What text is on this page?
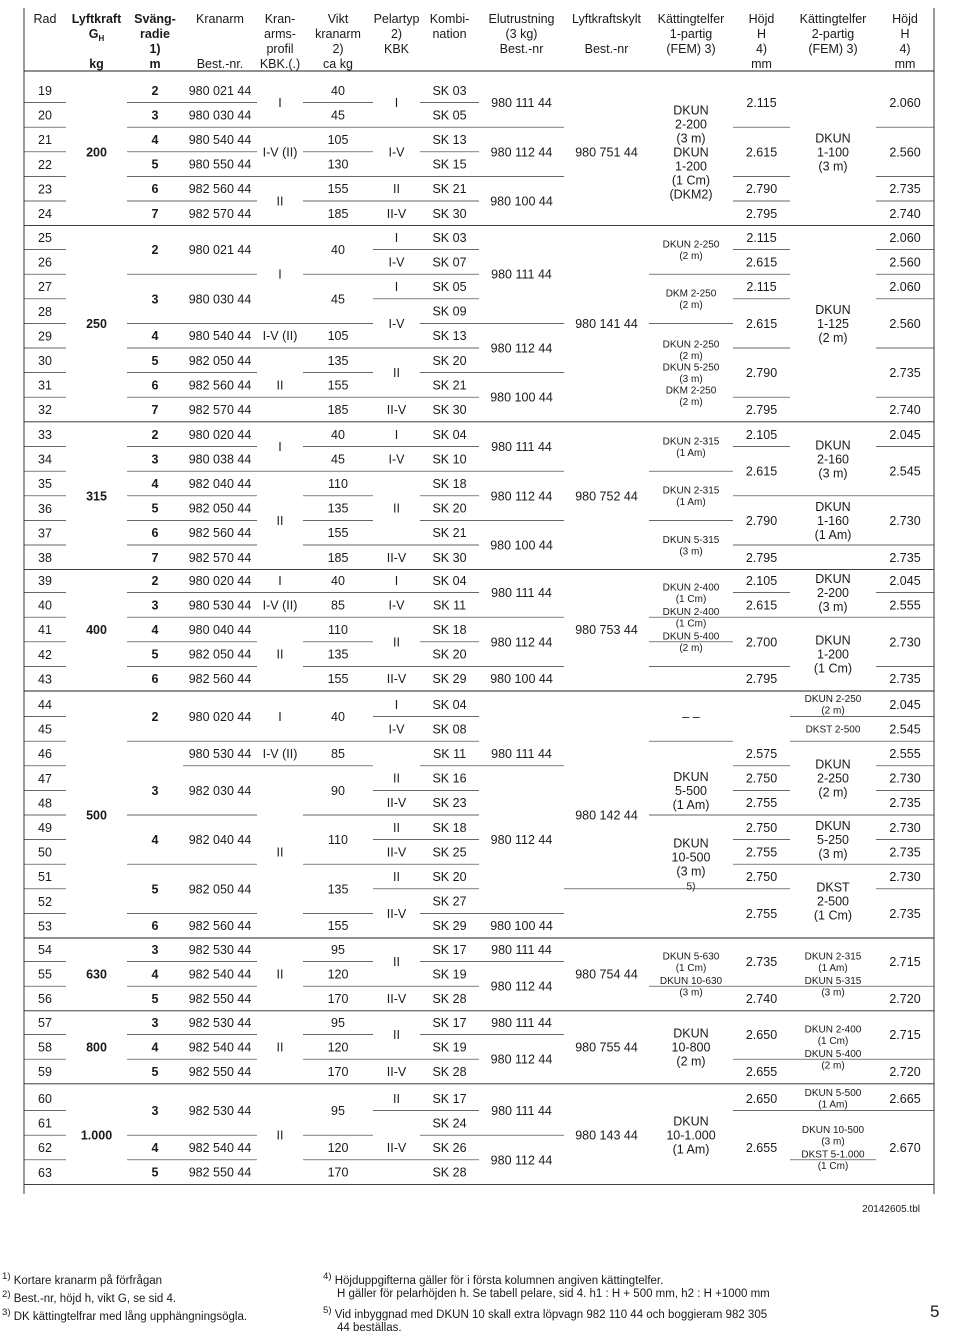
Rad Lyftkraft
$G_H$
kg
Sväng-
radie
1)
m
Kranarm
Best.-nr.
Kran-
arms-
profil
KBK.(.)
Vikt
kranarm
2)
ca kg
Pelartyp
2)
KBK
Kombi-
nation
Elutrustning
(3 kg)
Best.-nr
Lyftkraftskylt
Best.-nr
Kättingtelfer
1-partig
(FEM) 3)
Höjd
H
4)
mm
Kättingtelfer
2-partig
(FEM) 3)
Höjd
H
4)
mm
19
20
21
22
23
24
200
2
3
4
5
6
7
980 021 44
980 030 44
980 540 44
980 550 44
982 560 44
982 570 44
I
I-V (II)
II
40
45
105
130
155
185
I
I-V
II
II-V
SK 03
SK 05
SK 13
SK 15
SK 21
SK 30
980 111 44
980 112 44
980 100 44
980 751 44
DKUN
2-200
(3 m)
DKUN
1-200
(1 Cm)
(DKM2)
2.115
2.615
2.790
2.795
DKUN
1-100
(3 m)
2.060
2.560
2.735
2.740
25
26
27
28
29
30
31
32
250
2
3
4
5
6
7
980 021 44
980 030 44
980 540 44
982 050 44
982 560 44
982 570 44
I
I-V (II)
II
40
45
105
135
155
185
I
I-V
I
I-V
II
II-V
SK 03
SK 07
SK 05
SK 09
SK 13
SK 20
SK 21
SK 30
980 111 44
980 112 44
980 100 44
980 141 44
DKUN 2-250
(2 m)
DKM 2-250
(2 m)
DKUN 2-250
(2 m)
DKUN 5-250
(3 m)
DKM 2-250
(2 m)
2.115
2.615
2.115
2.615
2.790
2.795
DKUN
1-125
(2 m)
2.060
2.560
2.060
2.560
2.735
2.740
33
34
35
36
37
38
315
2
3
4
5
6
7
980 020 44
980 038 44
982 040 44
982 050 44
982 560 44
982 570 44
I
II
40
45
110
135
155
185
I
I-V
II
II-V
SK 04
SK 10
SK 18
SK 20
SK 21
SK 30
980 111 44
980 112 44
980 100 44
980 752 44
DKUN 2-315
(1 Am)
DKUN 2-315
(1 Am)
DKUN 5-315
(3 m)
2.105
2.615
2.790
2.795
DKUN
2-160
(3 m)
DKUN
1-160
(1 Am)
2.045
2.545
2.730
2.735
39
40
41
42
43
400
2
3
4
5
6
980 020 44
980 530 44
980 040 44
982 050 44
982 560 44
I
I-V (II)
II
40
85
110
135
155
I
I-V
II
II-V
SK 04
SK 11
SK 18
SK 20
SK 29
980 111 44
980 112 44
980 100 44
980 753 44
DKUN 2-400
(1 Cm)
DKUN 2-400
(1 Cm)
DKUN 5-400
(2 m)
2.105
2.615
2.700
2.795
DKUN
2-200
(3 m)
DKUN
1-200
(1 Cm)
2.045
2.555
2.730
2.735
44
45
46
47
48
49
50
51
52
53
500
2
3
4
5
6
980 020 44
980 530 44
982 030 44
982 040 44
982 050 44
982 560 44
I
I-V (II)
II
40
85
90
110
135
155
I
I-V
II
II-V
II
II-V
II
II-V
SK 04
SK 08
SK 11
SK 16
SK 23
SK 18
SK 25
SK 20
SK 27
SK 29
980 111 44
980 112 44
980 100 44
980 142 44
– –
DKUN
5-500
(1 Am)
DKUN
10-500
(3 m)
5)
2.575
2.750
2.755
2.750
2.755
2.750
2.755
DKUN 2-250
(2 m)
DKST 2-500
DKUN
2-250
(2 m)
DKUN
5-250
(3 m)
DKST
2-500
(1 Cm)
2.045
2.545
2.555
2.730
2.735
2.730
2.735
2.730
2.735
54
55
56
630
3
4
5
982 530 44
982 540 44
982 550 44
II
95
120
170
II
II-V
SK 17
SK 19
SK 28
980 111 44
980 112 44
980 754 44
DKUN 5-630
(1 Cm)
DKUN 10-630
(3 m)
2.735
2.740
DKUN 2-315
(1 Am)
DKUN 5-315
(3 m)
2.715
2.720
57
58
59
800
3
4
5
982 530 44
982 540 44
982 550 44
II
95
120
170
II
II-V
SK 17
SK 19
SK 28
980 111 44
980 112 44
980 755 44
DKUN
10-800
(2 m)
2.650
2.655
DKUN 2-400
(1 Cm)
DKUN 5-400
(2 m)
2.715
2.720
60
61
62
63
1.000
3
4
5
982 530 44
982 540 44
982 550 44
II
95
120
170
II
II-V
SK 17
SK 24
SK 26
SK 28
980 111 44
980 112 44
980 143 44
DKUN
10-1.000
(1 Am)
2.650
2.655
DKUN 5-500
(1 Am)
DKUN 10-500
(3 m)
DKST 5-1.000
(1 Cm)
2.665
2.670
20142605.tbl
$^{1)}$ Kortare kranarm på förfrågan
$^{2)}$ Best.-nr, höjd h, vikt G, se sid 4.
$^{3)}$ DK kättingtelfrar med lång upphängningsögla.
$^{4)}$ Höjduppgifterna gäller för i första kolumnen angiven kättingtelfer.
H gäller för pelarhöjden h. Se tabell pelare, sid 4. h1 : H + 500 mm, h2 : H +1000 mm
$^{5)}$ Vid inbyggnad med DKUN 10 skall extra löpvagn 982 110 44 och boggieram 982 305
44 beställas.
5
